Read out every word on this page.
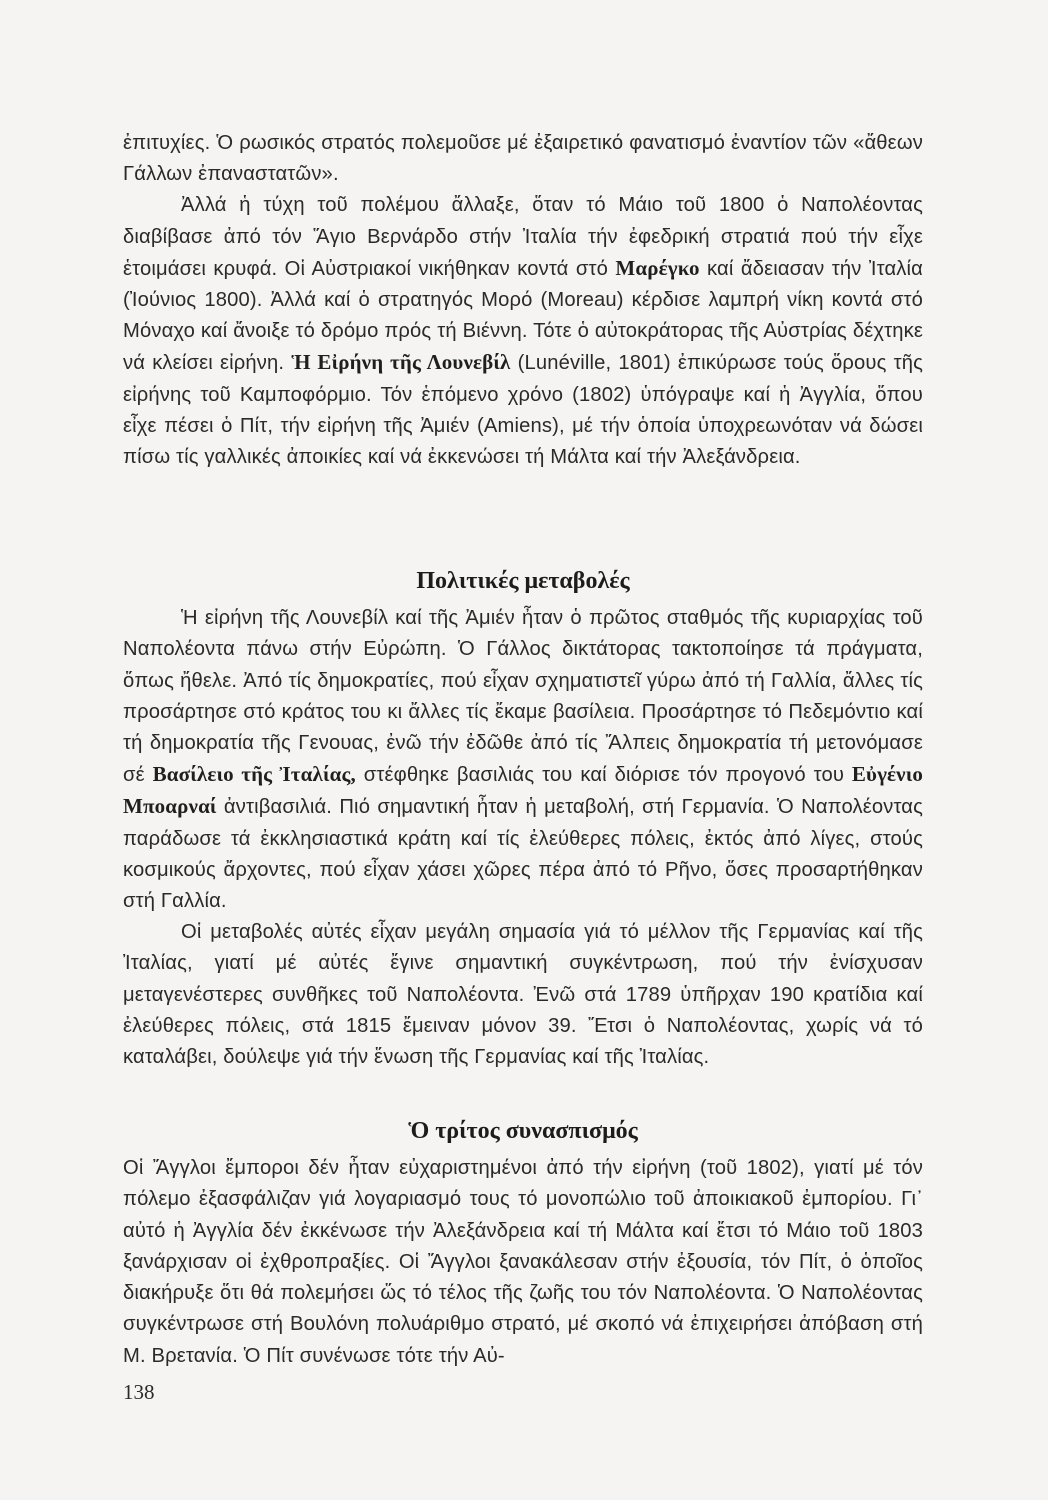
ἐπιτυχίες. Ὁ ρωσικός στρατός πολεμοῦσε μέ ἐξαιρετικό φανατισμό ἐναντίον τῶν «ἄθεων Γάλλων ἐπαναστατῶν».

Ἀλλά ἡ τύχη τοῦ πολέμου ἄλλαξε, ὅταν τό Μάιο τοῦ 1800 ὁ Ναπολέοντας διαβίβασε ἀπό τόν Ἅγιο Βερνάρδο στήν Ἰταλία τήν ἐφεδρική στρατιά πού τήν εἶχε ἑτοιμάσει κρυφά. Οἱ Αὐστριακοί νικήθηκαν κοντά στό Μαρέγκο καί ἄδειασαν τήν Ἰταλία (Ἰούνιος 1800). Ἀλλά καί ὁ στρατηγός Μορό (Moreau) κέρδισε λαμπρή νίκη κοντά στό Μόναχο καί ἄνοιξε τό δρόμο πρός τή Βιέννη. Τότε ὁ αὐτοκράτορας τῆς Αὐστρίας δέχτηκε νά κλείσει εἰρήνη. Ἡ Εἰρήνη τῆς Λουνεβίλ (Lunéville, 1801) ἐπικύρωσε τούς ὅρους τῆς εἰρήνης τοῦ Καμποφόρμιο. Τόν ἑπόμενο χρόνο (1802) ὑπόγραψε καί ἡ Ἀγγλία, ὅπου εἶχε πέσει ὁ Πίτ, τήν εἰρήνη τῆς Ἀμιέν (Amiens), μέ τήν ὁποία ὑποχρεωνόταν νά δώσει πίσω τίς γαλλικές ἀποικίες καί νά ἐκκενώσει τή Μάλτα καί τήν Ἀλεξάνδρεια.

Πολιτικές μεταβολές

Ἡ εἰρήνη τῆς Λουνεβίλ καί τῆς Ἀμιέν ἦταν ὁ πρῶτος σταθμός τῆς κυριαρχίας τοῦ Ναπολέοντα πάνω στήν Εὐρώπη. Ὁ Γάλλος δικτάτορας τακτοποίησε τά πράγματα, ὅπως ἤθελε. Ἀπό τίς δημοκρατίες, πού εἶχαν σχηματιστεῖ γύρω ἀπό τή Γαλλία, ἄλλες τίς προσάρτησε στό κράτος του κι ἄλλες τίς ἔκαμε βασίλεια. Προσάρτησε τό Πεδεμόντιο καί τή δημοκρατία τῆς Γενουας, ἐνῶ τήν ἐδῶθε ἀπό τίς Ἄλπεις δημοκρατία τή μετονόμασε σέ Βασίλειο τῆς Ἰταλίας, στέφθηκε βασιλιάς του καί διόρισε τόν προγονό του Εὐγένιο Μποαρναί ἀντιβασιλιά. Πιό σημαντική ἦταν ἡ μεταβολή, στή Γερμανία. Ὁ Ναπολέοντας παράδωσε τά ἐκκλησιαστικά κράτη καί τίς ἐλεύθερες πόλεις, ἐκτός ἀπό λίγες, στούς κοσμικούς ἄρχοντες, πού εἶχαν χάσει χῶρες πέρα ἀπό τό Ρῆνο, ὅσες προσαρτήθηκαν στή Γαλλία.

Οἱ μεταβολές αὐτές εἶχαν μεγάλη σημασία γιά τό μέλλον τῆς Γερμανίας καί τῆς Ἰταλίας, γιατί μέ αὐτές ἔγινε σημαντική συγκέντρωση, πού τήν ἐνίσχυσαν μεταγενέστερες συνθῆκες τοῦ Ναπολέοντα. Ἐνῶ στά 1789 ὑπῆρχαν 190 κρατίδια καί ἐλεύθερες πόλεις, στά 1815 ἔμειναν μόνον 39. Ἔτσι ὁ Ναπολέοντας, χωρίς νά τό καταλάβει, δούλεψε γιά τήν ἕνωση τῆς Γερμανίας καί τῆς Ἰταλίας.

Ὁ τρίτος συνασπισμός

Οἱ Ἄγγλοι ἔμποροι δέν ἦταν εὐχαριστημένοι ἀπό τήν εἰρήνη (τοῦ 1802), γιατί μέ τόν πόλεμο ἐξασφάλιζαν γιά λογαριασμό τους τό μονοπώλιο τοῦ ἀποικιακοῦ ἐμπορίου. Γι᾿ αὐτό ἡ Ἀγγλία δέν ἐκκένωσε τήν Ἀλεξάνδρεια καί τή Μάλτα καί ἔτσι τό Μάιο τοῦ 1803 ξανάρχισαν οἱ ἐχθροπραξίες. Οἱ Ἄγγλοι ξανακάλεσαν στήν ἐξουσία, τόν Πίτ, ὁ ὁποῖος διακήρυξε ὅτι θά πολεμήσει ὥς τό τέλος τῆς ζωῆς του τόν Ναπολέοντα. Ὁ Ναπολέοντας συγκέντρωσε στή Βουλόνη πολυάριθμο στρατό, μέ σκοπό νά ἐπιχειρήσει ἀπόβαση στή Μ. Βρετανία. Ὁ Πίτ συνένωσε τότε τήν Αὐ-

138
